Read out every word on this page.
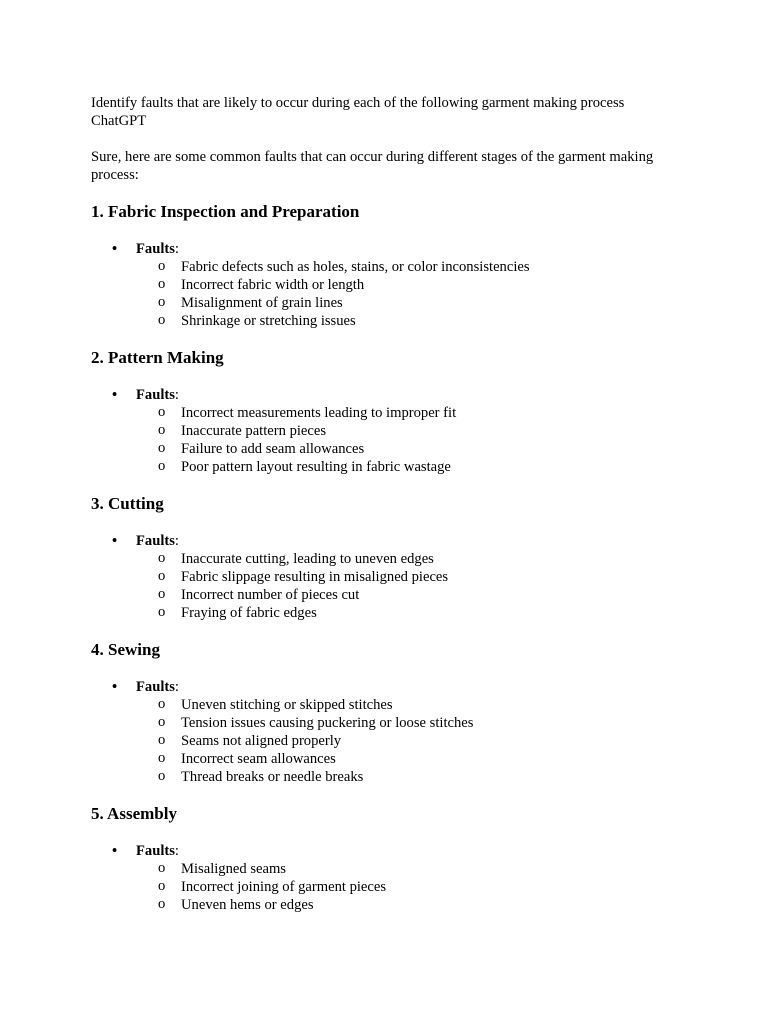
Identify faults that are likely to occur during each of the following garment making process

ChatGPT

Sure, here are some common faults that can occur during different stages of the garment making process:

1. Fabric Inspection and Preparation
• Faults:
o Fabric defects such as holes, stains, or color inconsistencies
o Incorrect fabric width or length
o Misalignment of grain lines
o Shrinkage or stretching issues
2. Pattern Making
• Faults:
o Incorrect measurements leading to improper fit
o Inaccurate pattern pieces
o Failure to add seam allowances
o Poor pattern layout resulting in fabric wastage
3. Cutting
• Faults:
o Inaccurate cutting, leading to uneven edges
o Fabric slippage resulting in misaligned pieces
o Incorrect number of pieces cut
o Fraying of fabric edges
4. Sewing
• Faults:
o Uneven stitching or skipped stitches
o Tension issues causing puckering or loose stitches
o Seams not aligned properly
o Incorrect seam allowances
o Thread breaks or needle breaks
5. Assembly
• Faults:
o Misaligned seams
o Incorrect joining of garment pieces
o Uneven hems or edges
